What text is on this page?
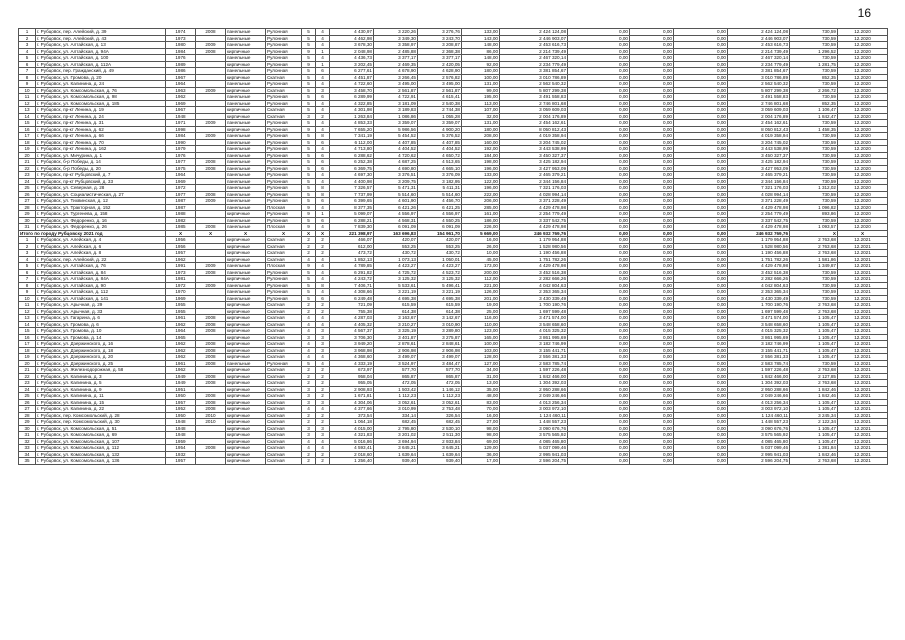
16
1	г. Рубцовск, пер. Алейский, д. 39	1974	2008	панельные	Рулонная	5	4	4 430,97	3 220,26	3 276,76	133,00	2 424 124,08	0,00	0,00	0,00	2 424 124,08	730,59	12.2020
2	г. Рубцовск, пер. Алейский, д. 43	1973		панельные	Рулонная	5	4	4 462,98	3 349,30	3 243,70	143,00	2 446 903,07	0,00	0,00	0,00	2 446 903,07	730,59	12.2020
3	г. Рубцовск, ул. Алтайская, д. 13	1980	2009	панельные	Рулонная	5	4	3 678,30	3 358,97	3 208,87	148,00	2 453 616,73	0,00	0,00	0,00	2 453 616,73	730,59	12.2020
4	г. Рубцовск, ул. Алтайская, д. 94А	1984	2008	кирпичные	Рулонная	9	1	2 048,98	2 485,88	2 368,38	86,00	2 214 739,49	0,00	0,00	0,00	2 214 739,49	1 296,52	12.2020
5	г. Рубцовск, ул. Алтайская, д. 100	1976		панельные	Рулонная	5	4	4 436,73	3 377,17	3 377,17	148,00	2 467 320,14	0,00	0,00	0,00	2 467 320,14	730,59	12.2020
6	г. Рубцовск, ул. Алтайская, д. 112А	1989		кирпичные	Рулонная	9	1	3 202,45	2 469,35	2 420,05	92,00	2 234 779,49	0,00	0,00	0,00	2 234 779,49	1 281,75	12.2020
7	г. Рубцовск, пер. Гражданский, д. 49	1986		панельные	Рулонная	5	6	6 277,61	4 678,90	4 628,90	180,00	3 381 854,67	0,00	0,00	0,00	3 381 854,67	730,59	12.2020
8	г. Рубцовск, ул. Громова, д. 20	1967		кирпичные	Скатная	5	4	4 451,87	3 266,45	2 576,82	100,00	3 010 786,89	0,00	0,00	0,00	3 010 786,89	852,35	12.2020
9	г. Рубцовск, ул. Калинина, д. 24	1964		панельные	Рулонная	5	4	4 722,60	3 495,00	3 495,00	131,00	2 562 540,32	0,00	0,00	0,00	2 562 540,32	730,59	12.2020
10	г. Рубцовск, ул. Комсомольская, д. 76	1963	2009	кирпичные	Скатная	5	3	3 458,70	2 561,87	2 561,87	99,00	5 807 299,38	0,00	0,00	0,00	5 807 299,38	2 266,72	12.2020
11	г. Рубцовск, ул. Комсомольская, д. 98	1962		панельные	Рулонная	5	6	6 289,99	4 722,91	4 615,41	195,00	3 491 558,83	0,00	0,00	0,00	3 491 558,83	730,59	12.2020
12	г. Рубцовск, ул. Комсомольская, д. 185	1969		панельные	Рулонная	5	4	4 322,85	3 181,09	2 540,38	113,00	2 746 801,68	0,00	0,00	0,00	2 746 801,68	852,35	12.2020
13	г. Рубцовск, пр-кт Ленина, д. 19	1967		кирпичные	Скатная	5	4	4 301,98	3 189,83	2 744,38	107,00	3 059 609,03	0,00	0,00	0,00	3 059 609,03	1 106,47	12.2020
14	г. Рубцовск, пр-кт Ленина, д. 24	1948		кирпичные	Скатная	3	2	1 263,84	1 086,86	1 055,28	32,00	2 004 176,89	0,00	0,00	0,00	2 004 176,89	1 842,47	12.2020
15	г. Рубцовск, пр-кт Ленина, д. 31	1971	2009	панельные	Рулонная	5	4	4 853,33	3 359,07	3 359,07	131,00	2 454 162,61	0,00	0,00	0,00	2 454 162,61	730,59	12.2020
16	г. Рубцовск, пр-кт Ленина, д. 62	1998		кирпичные	Рулонная	9	4	7 655,20	5 986,56	4 900,20	180,00	8 050 812,43	0,00	0,00	0,00	8 050 812,43	1 458,35	12.2020
17	г. Рубцовск, пр-кт Ленина, д. 66	1984	2009	панельные	Рулонная	5	8	7 341,19	5 454,52	5 376,52	208,00	4 019 358,94	0,00	0,00	0,00	4 019 358,94	730,59	12.2020
18	г. Рубцовск, пр-кт Ленина, д. 70	1990		панельные	Рулонная	5	6	6 112,00	4 407,85	4 407,85	160,00	3 204 745,02	0,00	0,00	0,00	3 204 745,02	730,59	12.2020
19	г. Рубцовск, пр-кт Ленина, д. 162	1979		панельные	Рулонная	5	4	4 713,80	4 404,52	4 404,52	192,00	3 443 538,99	0,00	0,00	0,00	3 443 538,99	730,59	12.2020
20	г. Рубцовск, ул. Мичурина, д. 1	1976		панельные	Рулонная	5	6	6 288,62	4 720,62	4 650,72	184,00	3 450 327,37	0,00	0,00	0,00	3 450 327,37	730,59	12.2020
21	г. Рубцовск, б-р Победы, д. 14	1977	2008	панельные	Рулонная	5	6	6 252,38	4 687,25	4 513,65	198,00	3 425 182,94	0,00	0,00	0,00	3 425 182,94	730,59	12.2020
22	г. Рубцовск, б-р Победы, д. 20	1975	2008	панельные	Рулонная	5	6	6 369,75	4 690,80	4 665,10	196,00	3 427 953,09	0,00	0,00	0,00	3 427 953,09	730,59	12.2020
23	г. Рубцовск, пр-кт Рубцовский, д. 7	1964		панельные	Рулонная	5	4	4 697,30	3 376,51	3 376,09	133,00	2 465 379,21	0,00	0,00	0,00	2 465 379,21	730,59	12.2020
24	г. Рубцовск, пр-кт Рубцовский, д. 33	1969		панельные	Рулонная	5	4	4 400,98	3 209,75	3 182,95	122,00	2 344 156,84	0,00	0,00	0,00	2 344 156,84	730,59	12.2020
25	г. Рубцовск, ул. Северная, д. 28	1972		панельные	Рулонная	5	8	7 326,57	5 471,31	5 411,31	196,00	7 321 176,03	0,00	0,00	0,00	7 321 176,03	1 312,02	12.2020
26	г. Рубцовск, ул. Социалистическая, д. 27	1977	2008	панельные	Рулонная	5	8	7 737,99	5 514,60	5 514,60	222,00	4 028 994,14	0,00	0,00	0,00	4 028 994,14	730,59	12.2020
27	г. Рубцовск, ул. Тихвинская, д. 12	1987	2009	панельные	Рулонная	5	6	6 399,65	4 601,90	4 456,70	206,00	3 371 228,49	0,00	0,00	0,00	3 371 228,49	730,59	12.2020
28	г. Рубцовск, ул. Тракторная, д. 152	1987		панельные	Плоская	9	4	8 377,35	6 421,26	6 421,25	285,00	4 429 478,98	0,00	0,00	0,00	4 429 478,98	1 096,82	12.2020
29	г. Рубцовск, ул. Тургенева, д. 158	1988		кирпичные	Рулонная	9	1	5 099,07	4 556,97	4 556,97	161,00	2 254 779,49	0,00	0,00	0,00	2 254 779,49	893,86	12.2020
30	г. Рубцовск, ул. Федоренко, д. 16	1982		панельные	Рулонная	5	6	6 288,21	4 568,31	4 550,25	186,00	3 337 542,75	0,00	0,00	0,00	3 337 542,75	730,59	12.2020
31	г. Рубцовск, ул. Федоренко, д. 26	1985	2008	панельные	Плоская	9	4	7 839,30	6 091,09	6 091,09	226,00	4 429 478,98	0,00	0,00	0,00	4 429 478,98	1 093,57	12.2020
Итого по городу Рубцовску 2021 год		X	X	X	X	X	X	221 398,97	163 696,83	154 961,70	5 669,00	246 932 769,76	0,00	0,00	0,00	246 932 769,76	X	X
1	г. Рубцовск, ул. Алейская, д. 4	1956		кирпичные	Скатная	2	2	466,07	420,07	420,07	16,00	1 179 954,88	0,00	0,00	0,00	1 179 954,88	2 763,68	12.2021
2	г. Рубцовск, ул. Алейская, д. 6	1956		кирпичные	Скатная	2	2	612,00	553,25	553,25	26,00	1 528 980,56	0,00	0,00	0,00	1 528 980,56	2 763,68	12.2021
3	г. Рубцовск, ул. Алейская, д. 8	1957		кирпичные	Скатная	2	2	473,72	430,72	430,72	10,00	1 190 456,88	0,00	0,00	0,00	1 190 456,88	2 763,68	12.2021
4	г. Рубцовск, пер. Алейский, д. 22	1962		кирпичные	Скатная	4	4	1 852,13	1 073,13	1 050,01	45,00	1 751 782,26	0,00	0,00	0,00	1 751 782,26	1 581,86	12.2021
5	г. Рубцовск, ул. Алтайская, д. 76	1991	2009	панельные	Плоская	9	4	4 789,85	4 423,27	4 423,27	173,00	4 429 478,98	0,00	0,00	0,00	4 429 478,98	1 349,87	12.2021
6	г. Рубцовск, ул. Алтайская, д. 84	1973	2008	панельные	Рулонная	5	4	6 291,82	4 725,72	4 523,72	200,00	3 452 516,38	0,00	0,00	0,00	3 452 516,38	730,59	12.2021
7	г. Рубцовск, ул. Алтайская, д. 84А	1981		кирпичные	Рулонная	5	4	4 243,72	3 125,32	3 125,32	112,00	2 282 666,26	0,00	0,00	0,00	2 282 666,26	730,59	12.2021
8	г. Рубцовск, ул. Алтайская, д. 90	1972	2009	панельные	Рулонная	5	8	7 406,71	5 533,61	5 496,41	221,00	4 042 804,63	0,00	0,00	0,00	4 042 804,63	730,59	12.2021
9	г. Рубцовск, ул. Алтайская, д. 112	1970		панельные	Рулонная	5	4	4 308,66	3 221,19	3 221,19	126,00	2 353 365,34	0,00	0,00	0,00	2 353 365,34	730,59	12.2021
10	г. Рубцовск, ул. Алтайская, д. 141	1969		панельные	Рулонная	5	6	6 249,48	4 695,38	4 695,38	201,00	3 430 339,49	0,00	0,00	0,00	3 430 339,49	730,59	12.2021
11	г. Рубцовск, ул. Арычная, д. 29	1955		кирпичные	Скатная	2	2	721,09	615,59	615,59	19,00	1 700 190,76	0,00	0,00	0,00	1 700 190,76	2 763,68	12.2021
12	г. Рубцовск, ул. Арычная, д. 33	1955		кирпичные	Скатная	2	2	755,38	614,38	614,38	25,00	1 697 599,48	0,00	0,00	0,00	1 697 599,48	2 763,68	12.2021
13	г. Рубцовск, ул. Гагарина, д. 6	1961	2008	кирпичные	Скатная	4	4	4 287,03	3 163,67	3 142,67	116,00	3 471 574,00	0,00	0,00	0,00	3 471 574,00	1 105,47	12.2021
14	г. Рубцовск, ул. Громова, д. 6	1962	2008	кирпичные	Скатная	4	4	4 405,32	3 210,27	3 010,90	110,00	3 548 658,60	0,00	0,00	0,00	3 548 658,60	1 105,47	12.2021
15	г. Рубцовск, ул. Громова, д. 10	1964	2008	кирпичные	Скатная	4	3	4 567,37	3 325,19	3 289,80	123,00	4 015 325,32	0,00	0,00	0,00	4 015 325,32	1 105,47	12.2021
16	г. Рубцовск, ул. Громова, д. 14	1965		кирпичные	Скатная	3	3	3 706,30	3 401,87	3 275,87	165,00	3 861 995,69	0,00	0,00	0,00	3 861 995,69	1 105,47	12.2021
17	г. Рубцовск, ул. Дзержинского, д. 16	1962	2008	кирпичные	Скатная	4	3	3 949,20	2 878,61	2 848,61	100,00	3 182 746,99	0,00	0,00	0,00	3 182 746,99	1 105,47	12.2021
18	г. Рубцовск, ул. Дзержинского, д. 18	1962	2008	кирпичные	Скатная	4	3	3 968,98	2 906,98	2 906,98	103,00	3 155 441,71	0,00	0,00	0,00	3 155 441,71	1 105,47	12.2021
19	г. Рубцовск, ул. Дзержинского, д. 20	1962	2008	кирпичные	Скатная	4	4	4 368,60	3 499,07	3 499,07	128,00	2 556 381,33	0,00	0,00	0,00	2 556 381,33	1 105,47	12.2021
20	г. Рубцовск, ул. Дзержинского, д. 25	1961	2008	панельные	Рулонная	5	4	4 333,19	3 524,97	3 484,47	127,00	2 583 785,74	0,00	0,00	0,00	2 583 785,74	730,59	12.2021
21	г. Рубцовск, ул. Железнодорожная, д. 58	1962		кирпичные	Скатная	2	2	673,97	577,70	577,70	34,00	1 597 226,48	0,00	0,00	0,00	1 597 226,48	2 763,68	12.2021
22	г. Рубцовск, ул. Калинина, д. 3	1949	2008	кирпичные	Скатная	2	2	958,04	865,87	865,87	31,00	1 842 466,00	0,00	0,00	0,00	1 842 466,00	2 127,85	12.2021
23	г. Рубцовск, ул. Калинина, д. 5	1949	2008	кирпичные	Скатная	2	2	955,05	472,05	472,05	13,00	1 304 392,03	0,00	0,00	0,00	1 304 392,03	2 763,68	12.2021
24	г. Рубцовск, ул. Калинина, д. 9	1951		кирпичные	Скатная	3	2	2 908,93	1 503,42	1 146,12	35,00	2 950 288,66	0,00	0,00	0,00	2 950 288,66	1 842,46	12.2021
25	г. Рубцовск, ул. Калинина, д. 11	1950	2008	кирпичные	Скатная	3	2	1 671,81	1 112,23	1 112,23	48,00	2 049 246,66	0,00	0,00	0,00	2 049 246,66	1 842,46	12.2021
26	г. Рубцовск, ул. Калинина, д. 15	1957	2008	кирпичные	Скатная	3	3	4 304,06	3 052,61	3 052,61	83,00	4 013 256,34	0,00	0,00	0,00	4 013 256,34	1 105,47	12.2021
27	г. Рубцовск, ул. Калинина, д. 22	1952	2008	кирпичные	Скатная	4	4	4 377,66	3 010,99	2 753,48	70,00	3 003 972,10	0,00	0,00	0,00	3 003 972,10	1 105,47	12.2021
28	г. Рубцовск, пер. Комсомольский, д. 28	1950	2010	кирпичные	Скатная	2	2	373,54	334,14	326,54	16,00	1 124 460,11	0,00	0,00	0,00	1 124 460,11	3 245,34	12.2021
29	г. Рубцовск, пер. Комсомольский, д. 30	1948	2010	кирпичные	Скатная	2	2	1 064,18	682,45	682,45	27,00	1 448 557,23	0,00	0,00	0,00	1 448 557,23	2 122,34	12.2021
30	г. Рубцовск, ул. Комсомольская, д. 51	1948		кирпичные	Скатная	3	3	4 015,00	2 795,80	2 530,10	98,00	3 090 676,76	0,00	0,00	0,00	3 090 676,76	1 105,47	12.2021
31	г. Рубцовск, ул. Комсомольская, д. 69	1948		кирпичные	Скатная	3	3	4 321,83	3 201,02	2 511,30	98,00	3 575 565,92	0,00	0,00	0,00	3 575 565,92	1 105,47	12.2021
32	г. Рубцовск, ул. Комсомольская, д. 107	1959		кирпичные	Скатная	4	4	5 016,86	3 694,94	2 933,84	69,00	4 085 465,80	0,00	0,00	0,00	4 085 465,80	1 105,47	12.2021
33	г. Рубцовск, ул. Комсомольская, д. 112	1954	2008	кирпичные	Скатная	4	4	4 593,41	3 645,21	3 645,21	129,00	5 037 099,46	0,00	0,00	0,00	5 037 099,46	1 381,84	12.2021
34	г. Рубцовск, ул. Комсомольская, д. 132	1932		кирпичные	Скатная	2	2	2 018,60	1 639,64	1 639,64	36,00	2 995 941,03	0,00	0,00	0,00	2 995 941,03	1 842,46	12.2021
35	г. Рубцовск, ул. Комсомольская, д. 136	1957		кирпичные	Скатная	2	2	1 256,40	939,40	939,40	17,00	2 596 204,75	0,00	0,00	0,00	2 596 204,75	2 763,68	12.2021
